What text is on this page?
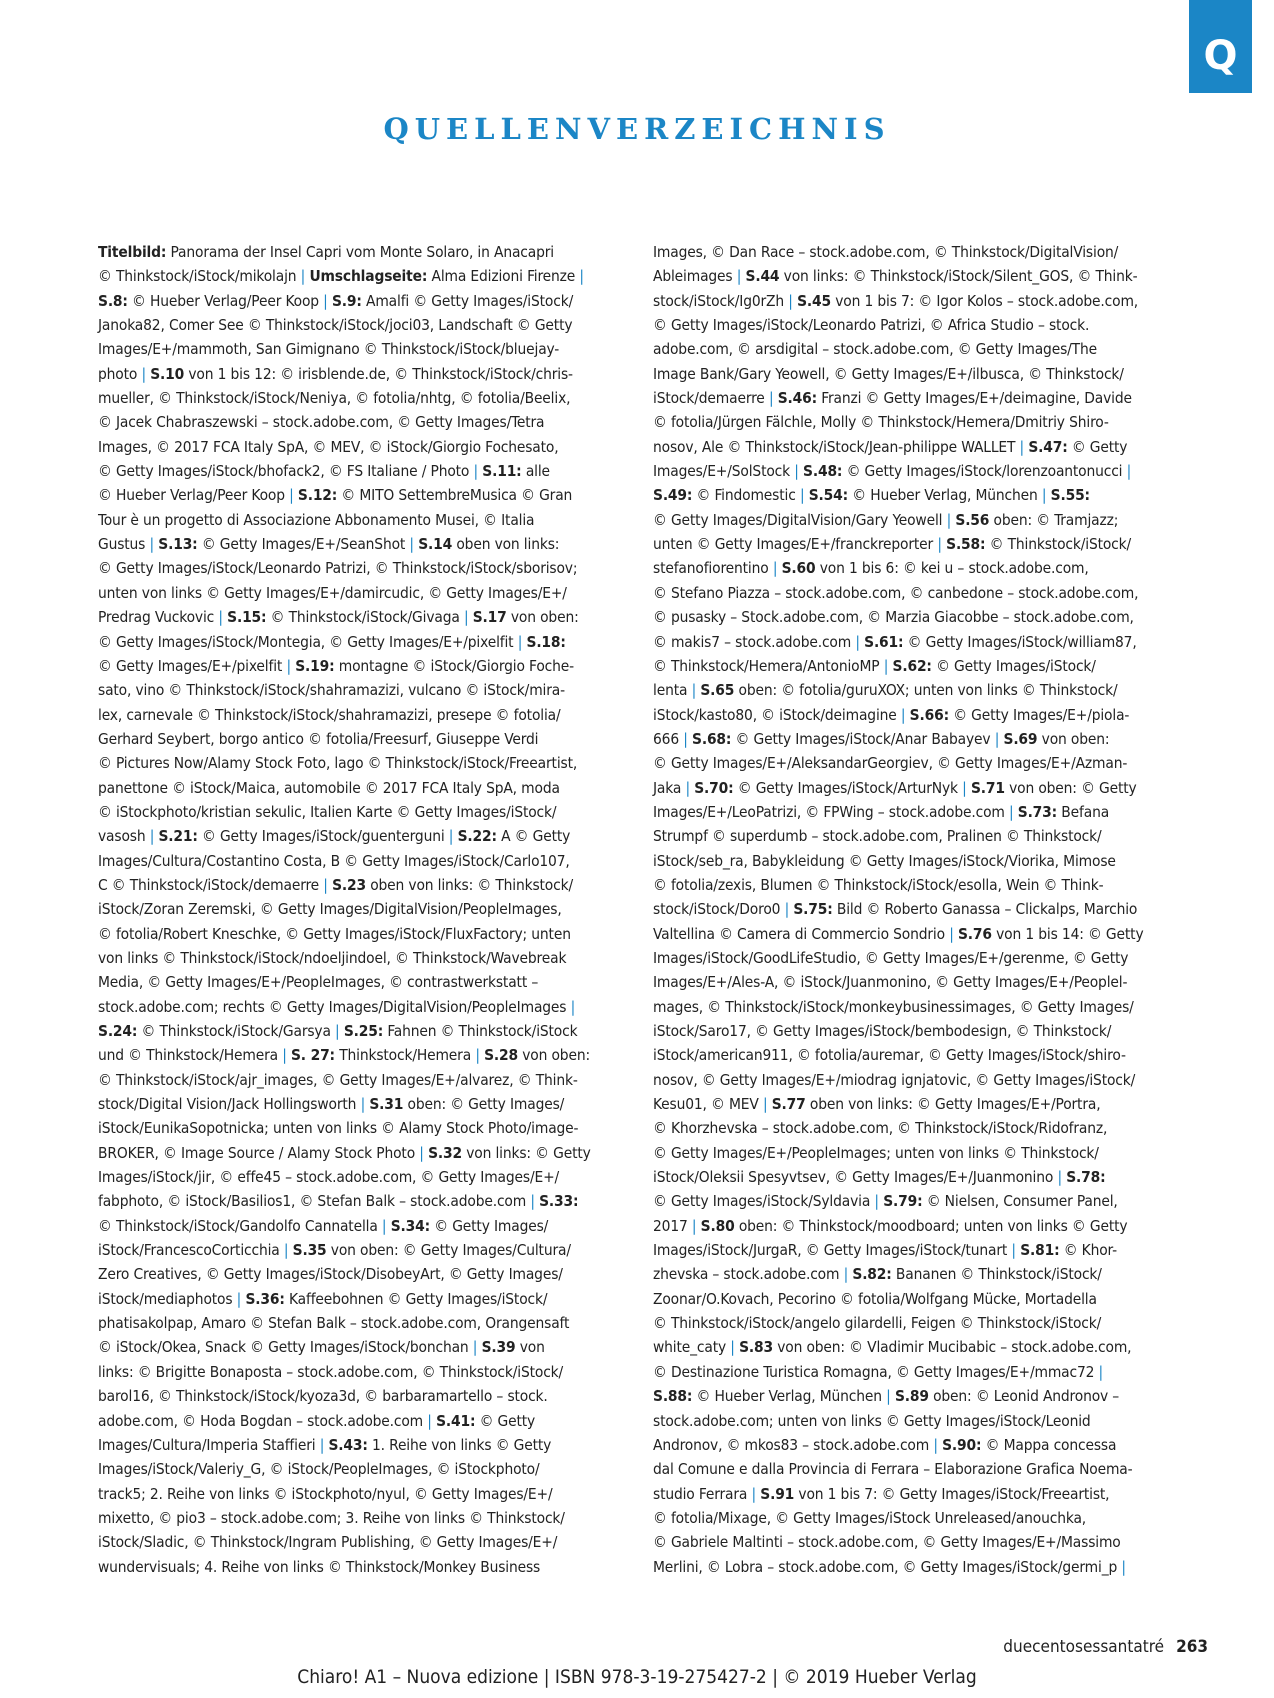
Q
QUELLENVERZEICHNIS
Titelbild: Panorama der Insel Capri vom Monte Solaro, in Anacapri
© Thinkstock/iStock/mikolajn | Umschlagseite: Alma Edizioni Firenze |
S.8: © Hueber Verlag/Peer Koop | S.9: Amalfi © Getty Images/iStock/
Janoka82, Comer See © Thinkstock/iStock/joci03, Landschaft © Getty
Images/E+/mammoth, San Gimignano © Thinkstock/iStock/bluejay-
photo | S.10 von 1 bis 12: © irisblende.de, © Thinkstock/iStock/chris-
mueller, © Thinkstock/iStock/Neniya, © fotolia/nhtg, © fotolia/Beelix,
© Jacek Chabraszewski – stock.adobe.com, © Getty Images/Tetra
Images, © 2017 FCA Italy SpA, © MEV, © iStock/Giorgio Fochesato,
© Getty Images/iStock/bhofack2, © FS Italiane / Photo | S.11: alle
© Hueber Verlag/Peer Koop | S.12: © MITO SettembreMusica © Gran
Tour è un progetto di Associazione Abbonamento Musei, © Italia
Gustus | S.13: © Getty Images/E+/SeanShot | S.14 oben von links:
© Getty Images/iStock/Leonardo Patrizi, © Thinkstock/iStock/sborisov;
unten von links © Getty Images/E+/damircudic, © Getty Images/E+/
Predrag Vuckovic | S.15: © Thinkstock/iStock/Givaga | S.17 von oben:
© Getty Images/iStock/Montegia, © Getty Images/E+/pixelfit | S.18:
© Getty Images/E+/pixelfit | S.19: montagne © iStock/Giorgio Foche-
sato, vino © Thinkstock/iStock/shahramazizi, vulcano © iStock/mira-
lex, carnevale © Thinkstock/iStock/shahramazizi, presepe © fotolia/
Gerhard Seybert, borgo antico © fotolia/Freesurf, Giuseppe Verdi
© Pictures Now/Alamy Stock Foto, lago © Thinkstock/iStock/Freeartist,
panettone © iStock/Maica, automobile © 2017 FCA Italy SpA, moda
© iStockphoto/kristian sekulic, Italien Karte © Getty Images/iStock/
vasosh | S.21: © Getty Images/iStock/guenterguni | S.22: A © Getty
Images/Cultura/Costantino Costa, B © Getty Images/iStock/Carlo107,
C © Thinkstock/iStock/demaerre | S.23 oben von links: © Thinkstock/
iStock/Zoran Zeremski, © Getty Images/DigitalVision/PeopleImages,
© fotolia/Robert Kneschke, © Getty Images/iStock/FluxFactory; unten
von links © Thinkstock/iStock/ndoeljindoel, © Thinkstock/Wavebreak
Media, © Getty Images/E+/PeopleImages, © contrastwerkstatt –
stock.adobe.com; rechts © Getty Images/DigitalVision/PeopleImages |
S.24: © Thinkstock/iStock/Garsya | S.25: Fahnen © Thinkstock/iStock
und © Thinkstock/Hemera | S. 27: Thinkstock/Hemera | S.28 von oben:
© Thinkstock/iStock/ajr_images, © Getty Images/E+/alvarez, © Think-
stock/Digital Vision/Jack Hollingsworth | S.31 oben: © Getty Images/
iStock/EunikaSopotnicka; unten von links © Alamy Stock Photo/image-
BROKER, © Image Source / Alamy Stock Photo | S.32 von links: © Getty
Images/iStock/jir, © effe45 – stock.adobe.com, © Getty Images/E+/
fabphoto, © iStock/Basilios1, © Stefan Balk – stock.adobe.com | S.33:
© Thinkstock/iStock/Gandolfo Cannatella | S.34: © Getty Images/
iStock/FrancescoCorticchia | S.35 von oben: © Getty Images/Cultura/
Zero Creatives, © Getty Images/iStock/DisobeyArt, © Getty Images/
iStock/mediaphotos | S.36: Kaffeebohnen © Getty Images/iStock/
phatisakolpap, Amaro © Stefan Balk – stock.adobe.com, Orangensaft
© iStock/Okea, Snack © Getty Images/iStock/bonchan | S.39 von
links: © Brigitte Bonaposta – stock.adobe.com, © Thinkstock/iStock/
barol16, © Thinkstock/iStock/kyoza3d, © barbaramartello – stock.
adobe.com, © Hoda Bogdan – stock.adobe.com | S.41: © Getty
Images/Cultura/Imperia Staffieri | S.43: 1. Reihe von links © Getty
Images/iStock/Valeriy_G, © iStock/PeopleImages, © iStockphoto/
track5; 2. Reihe von links © iStockphoto/nyul, © Getty Images/E+/
mixetto, © pio3 – stock.adobe.com; 3. Reihe von links © Thinkstock/
iStock/Sladic, © Thinkstock/Ingram Publishing, © Getty Images/E+/
wundervisuals; 4. Reihe von links © Thinkstock/Monkey Business
Images, © Dan Race – stock.adobe.com, © Thinkstock/DigitalVision/
Ableimages | S.44 von links: © Thinkstock/iStock/Silent_GOS, © Think-
stock/iStock/Ig0rZh | S.45 von 1 bis 7: © Igor Kolos – stock.adobe.com,
© Getty Images/iStock/Leonardo Patrizi, © Africa Studio – stock.
adobe.com, © arsdigital – stock.adobe.com, © Getty Images/The
Image Bank/Gary Yeowell, © Getty Images/E+/ilbusca, © Thinkstock/
iStock/demaerre | S.46: Franzi © Getty Images/E+/deimagine, Davide
© fotolia/Jürgen Fälchle, Molly © Thinkstock/Hemera/Dmitriy Shiro-
nosov, Ale © Thinkstock/iStock/Jean-philippe WALLET | S.47: © Getty
Images/E+/SolStock | S.48: © Getty Images/iStock/lorenzoantonucci |
S.49: © Findomestic | S.54: © Hueber Verlag, München | S.55:
© Getty Images/DigitalVision/Gary Yeowell | S.56 oben: © Tramjazz;
unten © Getty Images/E+/franckreporter | S.58: © Thinkstock/iStock/
stefanofiorentino | S.60 von 1 bis 6: © kei u – stock.adobe.com,
© Stefano Piazza – stock.adobe.com, © canbedone – stock.adobe.com,
© pusasky – Stock.adobe.com, © Marzia Giacobbe – stock.adobe.com,
© makis7 – stock.adobe.com | S.61: © Getty Images/iStock/william87,
© Thinkstock/Hemera/AntonioMP | S.62: © Getty Images/iStock/
lenta | S.65 oben: © fotolia/guruXOX; unten von links © Thinkstock/
iStock/kasto80, © iStock/deimagine | S.66: © Getty Images/E+/piola-
666 | S.68: © Getty Images/iStock/Anar Babayev | S.69 von oben:
© Getty Images/E+/AleksandarGeorgiev, © Getty Images/E+/Azman-
Jaka | S.70: © Getty Images/iStock/ArturNyk | S.71 von oben: © Getty
Images/E+/LeoPatrizi, © FPWing – stock.adobe.com | S.73: Befana
Strumpf © superdumb – stock.adobe.com, Pralinen © Thinkstock/
iStock/seb_ra, Babykleidung © Getty Images/iStock/Viorika, Mimose
© fotolia/zexis, Blumen © Thinkstock/iStock/esolla, Wein © Think-
stock/iStock/Doro0 | S.75: Bild © Roberto Ganassa – Clickalps, Marchio
Valtellina © Camera di Commercio Sondrio | S.76 von 1 bis 14: © Getty
Images/iStock/GoodLifeStudio, © Getty Images/E+/gerenme, © Getty
Images/E+/Ales-A, © iStock/Juanmonino, © Getty Images/E+/Peoplel-
mages, © Thinkstock/iStock/monkeybusinessimages, © Getty Images/
iStock/Saro17, © Getty Images/iStock/bembodesign, © Thinkstock/
iStock/american911, © fotolia/auremar, © Getty Images/iStock/shiro-
nosov, © Getty Images/E+/miodrag ignjatovic, © Getty Images/iStock/
Kesu01, © MEV | S.77 oben von links: © Getty Images/E+/Portra,
© Khorzhevska – stock.adobe.com, © Thinkstock/iStock/Ridofranz,
© Getty Images/E+/PeopleImages; unten von links © Thinkstock/
iStock/Oleksii Spesyvtsev, © Getty Images/E+/Juanmonino | S.78:
© Getty Images/iStock/Syldavia | S.79: © Nielsen, Consumer Panel,
2017 | S.80 oben: © Thinkstock/moodboard; unten von links © Getty
Images/iStock/JurgaR, © Getty Images/iStock/tunart | S.81: © Khor-
zhevska – stock.adobe.com | S.82: Bananen © Thinkstock/iStock/
Zoonar/O.Kovach, Pecorino © fotolia/Wolfgang Mücke, Mortadella
© Thinkstock/iStock/angelo gilardelli, Feigen © Thinkstock/iStock/
white_caty | S.83 von oben: © Vladimir Mucibabic – stock.adobe.com,
© Destinazione Turistica Romagna, © Getty Images/E+/mmac72 |
S.88: © Hueber Verlag, München | S.89 oben: © Leonid Andronov –
stock.adobe.com; unten von links © Getty Images/iStock/Leonid
Andronov, © mkos83 – stock.adobe.com | S.90: © Mappa concessa
dal Comune e dalla Provincia di Ferrara – Elaborazione Grafica Noema-
studio Ferrara | S.91 von 1 bis 7: © Getty Images/iStock/Freeartist,
© fotolia/Mixage, © Getty Images/iStock Unreleased/anouchka,
© Gabriele Maltinti – stock.adobe.com, © Getty Images/E+/Massimo
Merlini, © Lobra – stock.adobe.com, © Getty Images/iStock/germi_p |
duecentosessantatré 263
Chiaro! A1 – Nuova edizione | ISBN 978-3-19-275427-2 | © 2019 Hueber Verlag
